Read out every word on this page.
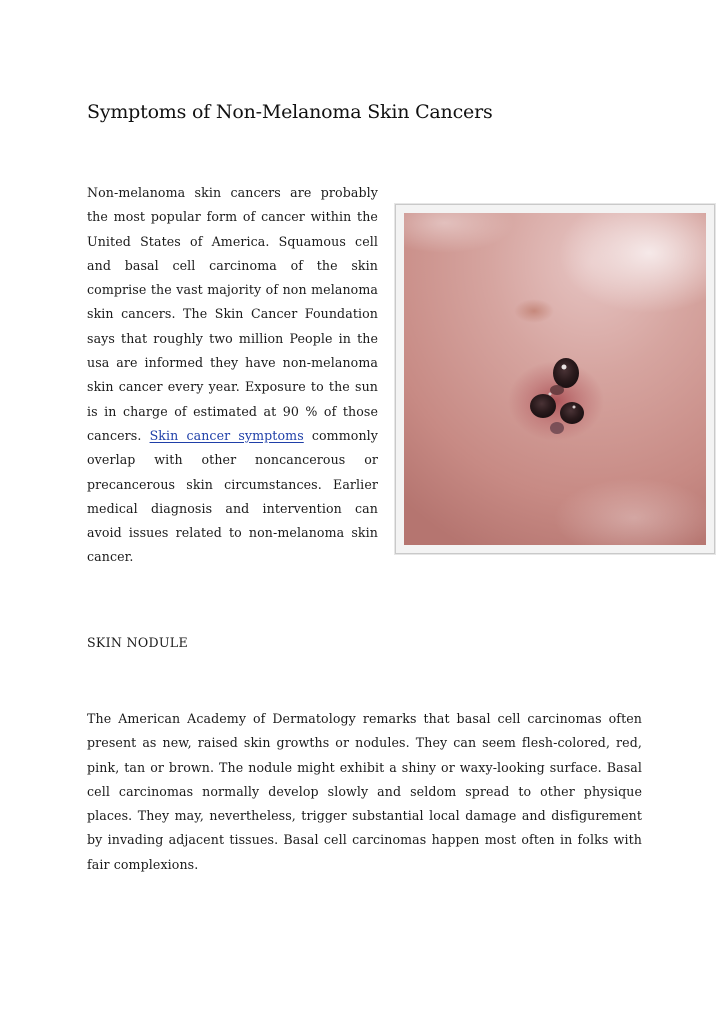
Symptoms of Non-Melanoma Skin Cancers

Non-melanoma skin cancers are probably the most popular form of cancer within the United States of America. Squamous cell and basal cell carcinoma of the skin comprise the vast majority of non melanoma skin cancers. The Skin Cancer Foundation says that roughly two million People in the usa are informed they have non-melanoma skin cancer every year. Exposure to the sun is in charge of estimated at 90 % of those cancers. Skin cancer symptoms commonly overlap with other noncancerous or precancerous skin circumstances. Earlier medical diagnosis and intervention can avoid issues related to non-melanoma skin cancer.

SKIN NODULE

The American Academy of Dermatology remarks that basal cell carcinomas often present as new, raised skin growths or nodules. They can seem flesh-colored, red, pink, tan or brown. The nodule might exhibit a shiny or waxy-looking surface. Basal cell carcinomas normally develop slowly and seldom spread to other physique places. They may, nevertheless, trigger substantial local damage and disfigurement by invading adjacent tissues. Basal cell carcinomas happen most often in folks with fair complexions.
